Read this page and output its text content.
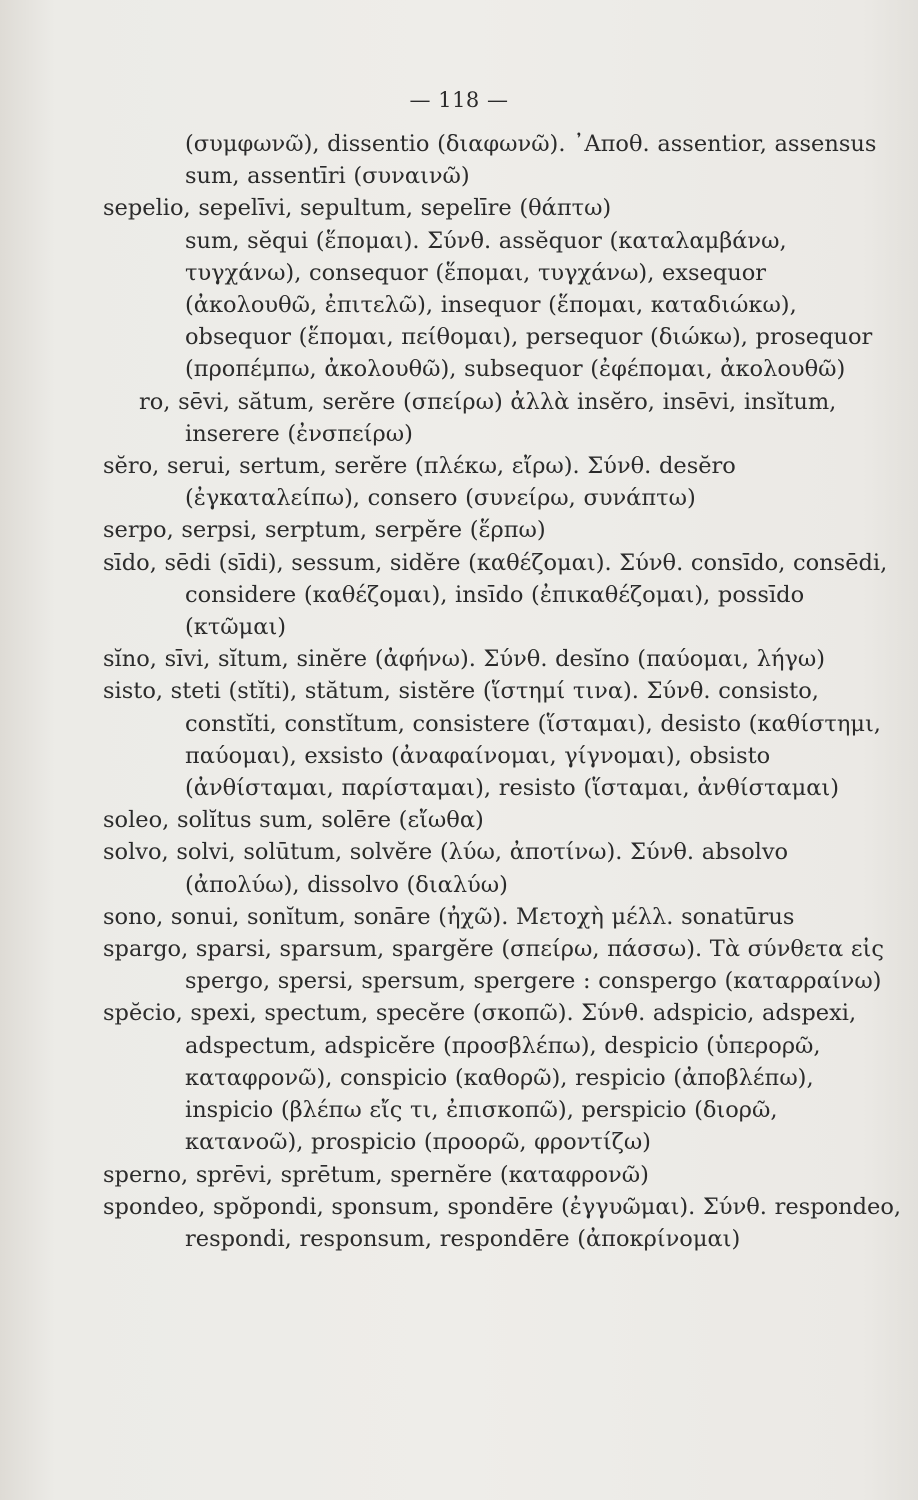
— 118 —

(συμφωνῶ), dissentio (διαφωνῶ). ᾿Αποθ. assentior, assensus sum, assentīri (συναινῶ)

sepelio, sepelīvi, sepultum, sepelīre (θάπτω)

sum, sĕqui (ἕπομαι). Σύνθ. assĕquor (καταλαμβάνω, τυγχάνω), consequor (ἕπομαι, τυγχάνω), exsequor (ἀκολουθῶ, ἐπιτελῶ), insequor (ἕπομαι, καταδιώκω), obsequor (ἕπομαι, πείθομαι), persequor (διώκω), prosequor (προπέμπω, ἀκολουθῶ), subsequor (ἐφέπομαι, ἀκολουθῶ)

ro, sēvi, sătum, serĕre (σπείρω) ἀλλὰ insĕro, insēvi, insĭtum, inserere (ἐνσπείρω)

sĕro, serui, sertum, serĕre (πλέκω, εἴρω). Σύνθ. desĕro (ἐγκαταλείπω), consero (συνείρω, συνάπτω)

serpo, serpsi, serptum, serpĕre (ἕρπω)

sīdo, sēdi (sīdi), sessum, sidĕre (καθέζομαι). Σύνθ. consīdo, consēdi, considere (καθέζομαι), insīdo (ἐπικαθέζομαι), possīdo (κτῶμαι)

sĭno, sīvi, sĭtum, sinĕre (ἀφήνω). Σύνθ. desĭno (παύομαι, λήγω)

sisto, steti (stĭti), stătum, sistĕre (ἵστημί τινα). Σύνθ. consisto, constĭti, constĭtum, consistere (ἵσταμαι), desisto (καθίστημι, παύομαι), exsisto (ἀναφαίνομαι, γίγνομαι), obsisto (ἀνθίσταμαι, παρίσταμαι), resisto (ἵσταμαι, ἀνθίσταμαι)

soleo, solĭtus sum, solēre (εἴωθα)

solvo, solvi, solūtum, solvĕre (λύω, ἀποτίνω). Σύνθ. absolvo (ἀπολύω), dissolvo (διαλύω)

sono, sonui, sonĭtum, sonāre (ἠχῶ). Μετοχὴ μέλλ. sonatūrus

spargo, sparsi, sparsum, spargĕre (σπείρω, πάσσω). Τὰ σύνθετα εἰς spergo, spersi, spersum, spergere : conspergo (καταρραίνω)

spĕcio, spexi, spectum, specĕre (σκοπῶ). Σύνθ. adspicio, adspexi, adspectum, adspicĕre (προσβλέπω), despicio (ὑπερορῶ, καταφρονῶ), conspicio (καθορῶ), respicio (ἀποβλέπω), inspicio (βλέπω εἴς τι, ἐπισκοπῶ), perspicio (διορῶ, κατανοῶ), prospicio (προορῶ, φροντίζω)

sperno, sprēvi, sprētum, spernĕre (καταφρονῶ)

spondeo, spŏpondi, sponsum, spondēre (ἐγγυῶμαι). Σύνθ. respondeo, respondi, responsum, respondēre (ἀποκρίνομαι)
